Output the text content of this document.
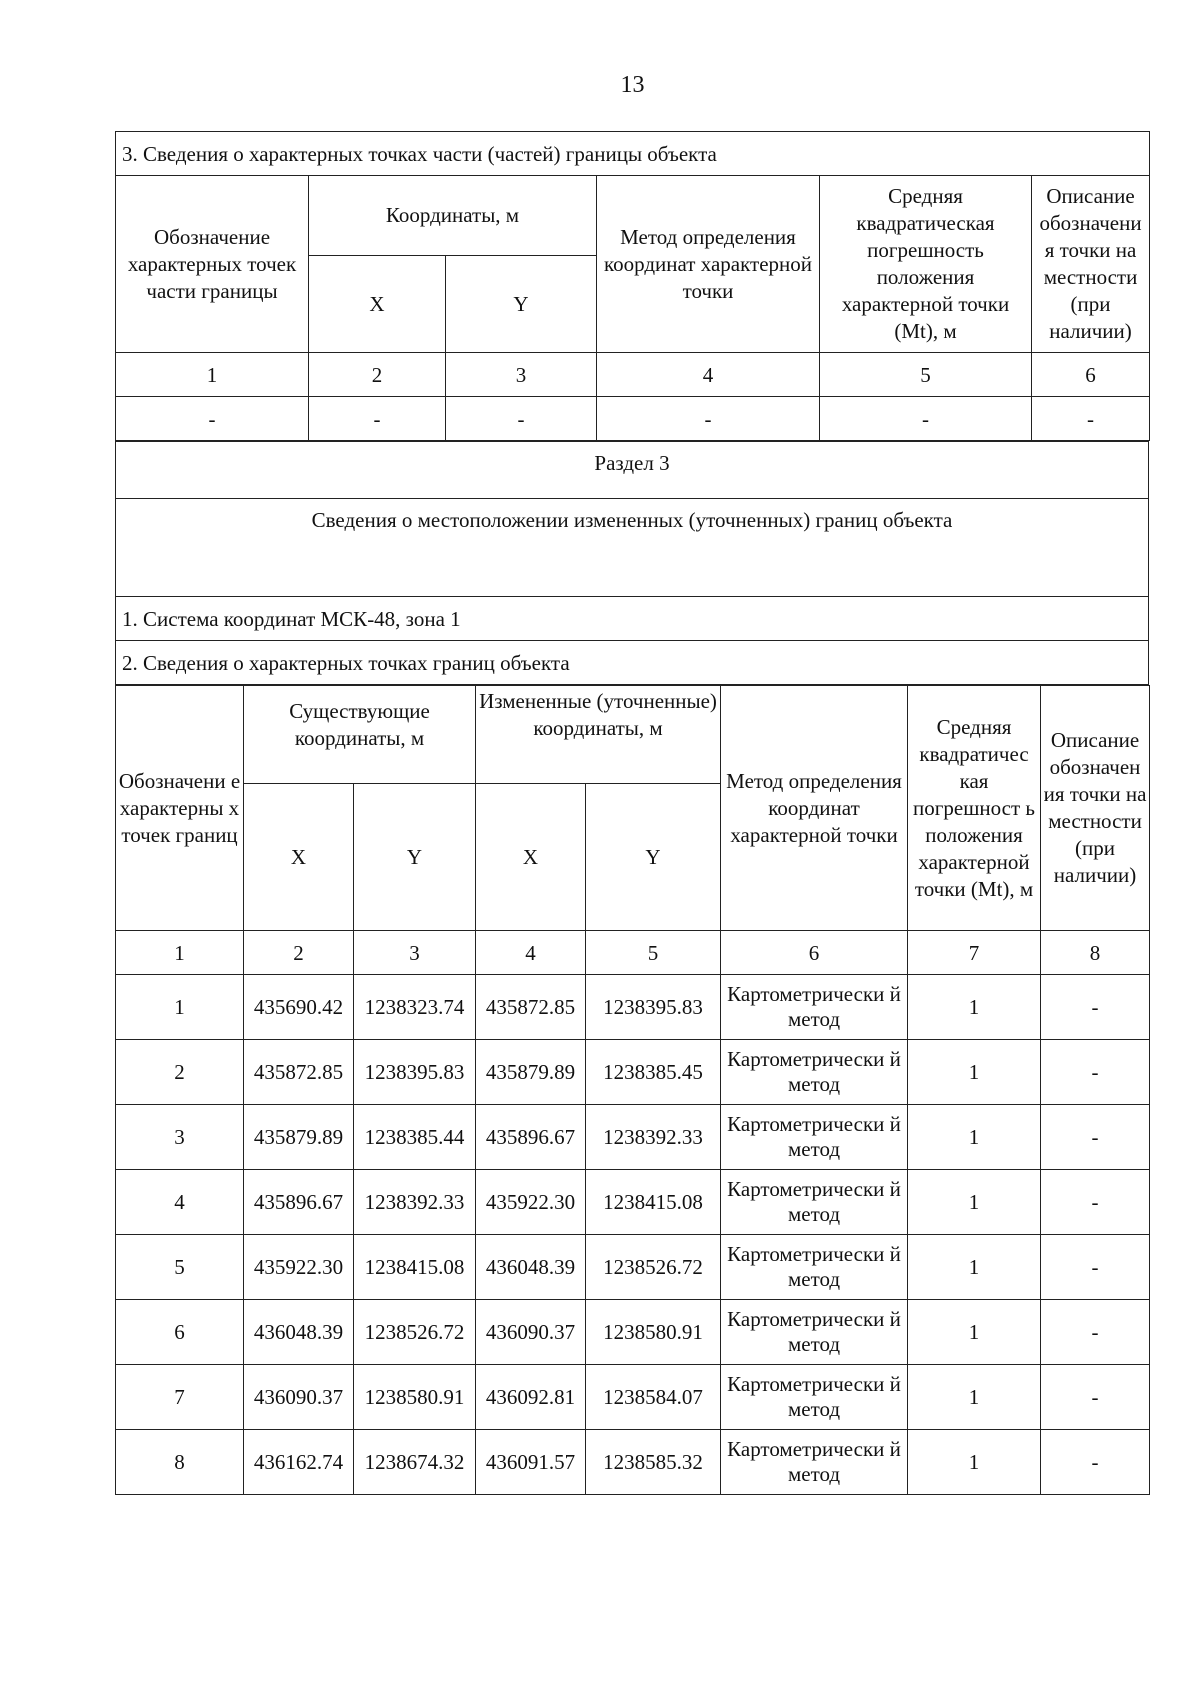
13
3. Сведения о характерных точках части (частей) границы объекта					
Обозначение характерных точек части границы	Координаты, м		Метод определения координат характерной точки	Средняя квадратическая погрешность положения характерной точки (Mt), м	Описание обозначени я точки на местности (при наличии)
	X	Y			
1	2	3	4	5	6
-	-	-	-	-	-
Раздел 3
Сведения о местоположении измененных (уточненных) границ объекта
1. Система координат МСК-48, зона 1
2. Сведения о характерных точках границ объекта
Обозначени е характерны х точек границ	Существующие координаты, м		Измененные (уточненные) координаты, м		Метод определения координат характерной точки	Средняя квадратичес кая погрешност ь положения характерной точки (Mt), м	Описание обозначен ия точки на местности (при наличии)
	X	Y	X	Y			
1	2	3	4	5	6	7	8
1	435690.42	1238323.74	435872.85	1238395.83	Картометрически й метод	1	-
2	435872.85	1238395.83	435879.89	1238385.45	Картометрически й метод	1	-
3	435879.89	1238385.44	435896.67	1238392.33	Картометрически й метод	1	-
4	435896.67	1238392.33	435922.30	1238415.08	Картометрически й метод	1	-
5	435922.30	1238415.08	436048.39	1238526.72	Картометрически й метод	1	-
6	436048.39	1238526.72	436090.37	1238580.91	Картометрически й метод	1	-
7	436090.37	1238580.91	436092.81	1238584.07	Картометрически й метод	1	-
8	436162.74	1238674.32	436091.57	1238585.32	Картометрически й метод	1	-
